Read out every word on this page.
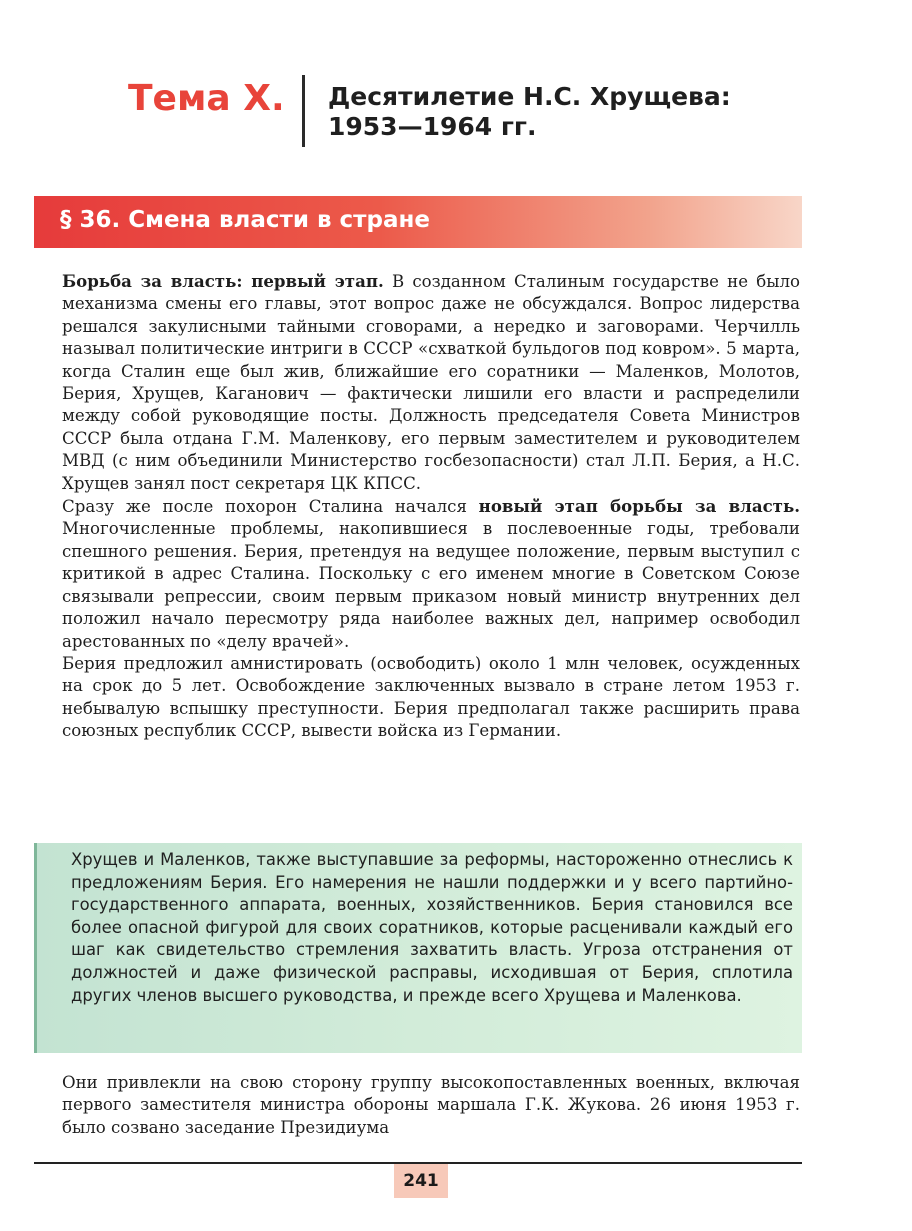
Тема X. Десятилетие Н.С. Хрущева:
1953—1964 гг.
§ 36. Смена власти в стране

Борьба за власть: первый этап. В созданном Сталиным государстве не было механизма смены его главы, этот вопрос даже не обсуждался. Вопрос лидерства решался закулисными тайными сговорами, а нередко и заговорами. Черчилль называл политические интриги в СССР «схваткой бульдогов под ковром». 5 марта, когда Сталин еще был жив, ближайшие его соратники — Маленков, Молотов, Берия, Хрущев, Каганович — фактически лишили его власти и распределили между собой руководящие посты. Должность председателя Совета Министров СССР была отдана Г.М. Маленкову, его первым заместителем и руководителем МВД (с ним объединили Министерство госбезопасности) стал Л.П. Берия, а Н.С. Хрущев занял пост секретаря ЦК КПСС.

Сразу же после похорон Сталина начался новый этап борьбы за власть. Многочисленные проблемы, накопившиеся в послевоенные годы, требовали спешного решения. Берия, претендуя на ведущее положение, первым выступил с критикой в адрес Сталина. Поскольку с его именем многие в Советском Союзе связывали репрессии, своим первым приказом новый министр внутренних дел положил начало пересмотру ряда наиболее важных дел, например освободил арестованных по «делу врачей».

Берия предложил амнистировать (освободить) около 1 млн человек, осужденных на срок до 5 лет. Освобождение заключенных вызвало в стране летом 1953 г. небывалую вспышку преступности. Берия предполагал также расширить права союзных республик СССР, вывести войска из Германии.

Хрущев и Маленков, также выступавшие за реформы, настороженно отнеслись к предложениям Берия. Его намерения не нашли поддержки и у всего партийно-государственного аппарата, военных, хозяйственников. Берия становился все более опасной фигурой для своих соратников, которые расценивали каждый его шаг как свидетельство стремления захватить власть. Угроза отстранения от должностей и даже физической расправы, исходившая от Берия, сплотила других членов высшего руководства, и прежде всего Хрущева и Маленкова.

Они привлекли на свою сторону группу высокопоставленных военных, включая первого заместителя министра обороны маршала Г.К. Жукова. 26 июня 1953 г. было созвано заседание Президиума

241
